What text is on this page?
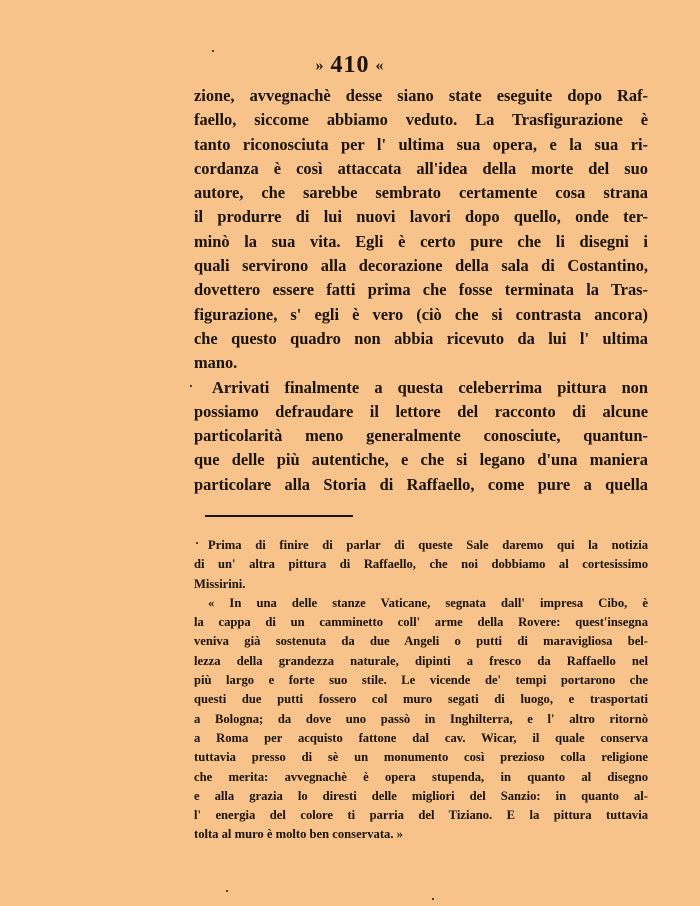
» 410 «
zione, avvegnachè desse siano state eseguite dopo Raf-
faello, siccome abbiamo veduto. La Trasfigurazione è
tanto riconosciuta per l' ultima sua opera, e la sua ri-
cordanza è così attaccata all'idea della morte del suo
autore, che sarebbe sembrato certamente cosa strana
il produrre di lui nuovi lavori dopo quello, onde ter-
minò la sua vita. Egli è certo pure che li disegni i
quali servirono alla decorazione della sala di Costantino,
dovettero essere fatti prima che fosse terminata la Tras-
figurazione, s' egli è vero (ciò che si contrasta ancora)
che questo quadro non abbia ricevuto da lui l' ultima
mano.
Arrivati finalmente a questa celeberrima pittura non
possiamo defraudare il lettore del racconto di alcune
particolarità meno generalmente conosciute, quantun-
que delle più autentiche, e che si legano d'una maniera
particolare alla Storia di Raffaello, come pure a quella
Prima di finire di parlar di queste Sale daremo qui la notizia
di un' altra pittura di Raffaello, che noi dobbiamo al cortesissimo
Missirini.
« In una delle stanze Vaticane, segnata dall' impresa Cibo, è
la cappa di un camminetto coll' arme della Rovere: quest'insegna
veniva già sostenuta da due Angeli o putti di maravigliosa bel-
lezza della grandezza naturale, dipinti a fresco da Raffaello nel
più largo e forte suo stile. Le vicende de' tempi portarono che
questi due putti fossero col muro segati di luogo, e trasportati
a Bologna; da dove uno passò in Inghilterra, e l' altro ritornò
a Roma per acquisto fattone dal cav. Wicar, il quale conserva
tuttavia presso di sè un monumento così prezioso colla religione
che merita: avvegnachè è opera stupenda, in quanto al disegno
e alla grazia lo diresti delle migliori del Sanzio: in quanto al-
l' energia del colore ti parria del Tiziano. E la pittura tuttavia
tolta al muro è molto ben conservata. »
